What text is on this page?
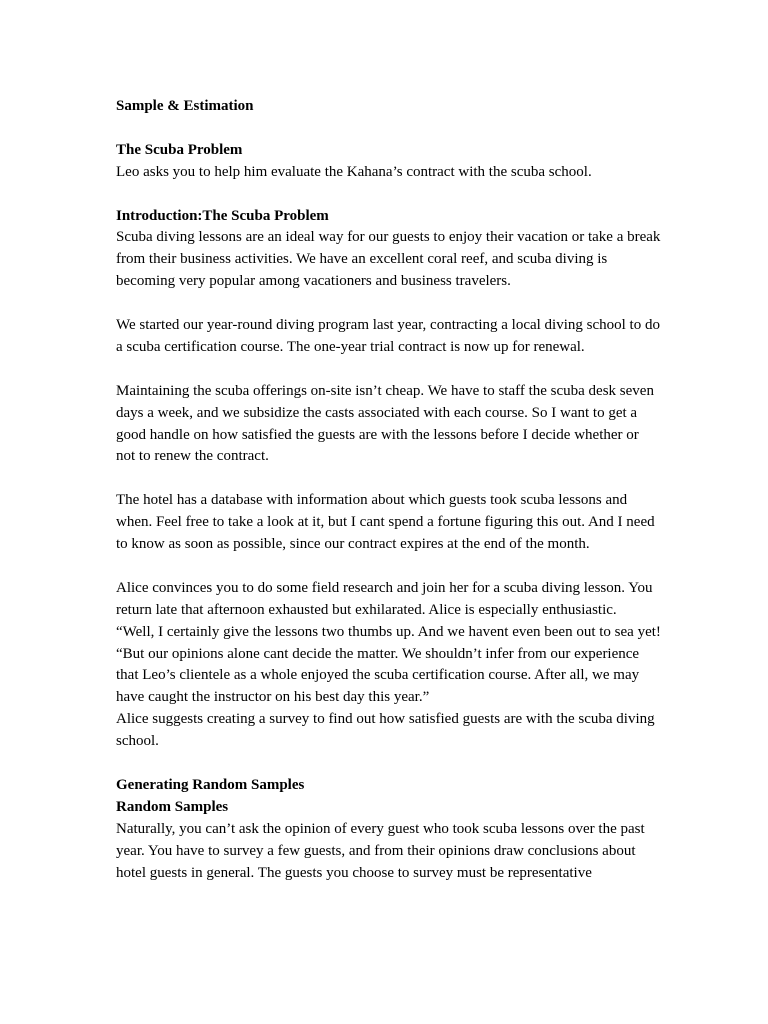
Sample & Estimation

The Scuba Problem

Leo asks you to help him evaluate the Kahana’s contract with the scuba school.

Introduction:The Scuba Problem

Scuba diving lessons are an ideal way for our guests to enjoy their vacation or take a break from their business activities. We have an excellent coral reef, and scuba diving is becoming very popular among vacationers and business travelers.

We started our year-round diving program last year, contracting a local diving school to do a scuba certification course. The one-year trial contract is now up for renewal.

Maintaining the scuba offerings on-site isn’t cheap. We have to staff the scuba desk seven days a week, and we subsidize the casts associated with each course. So I want to get a good handle on how satisfied the guests are with the lessons before I decide whether or not to renew the contract.

The hotel has a database with information about which guests took scuba lessons and when. Feel free to take a look at it, but I cant spend a fortune figuring this out. And I need to know as soon as possible, since our contract expires at the end of the month.

Alice convinces you to do some field research and join her for a scuba diving lesson. You return late that afternoon exhausted but exhilarated. Alice is especially enthusiastic.

“Well, I certainly give the lessons two thumbs up. And we havent even been out to sea yet!

“But our opinions alone cant decide the matter. We shouldn’t infer from our experience that Leo’s clientele as a whole enjoyed the scuba certification course. After all, we may have caught the instructor on his best day this year.”

Alice suggests creating a survey to find out how satisfied guests are with the scuba diving school.

Generating Random Samples

Random Samples

Naturally, you can’t ask the opinion of every guest who took scuba lessons over the past year. You have to survey a few guests, and from their opinions draw conclusions about hotel guests in general. The guests you choose to survey must be representative
